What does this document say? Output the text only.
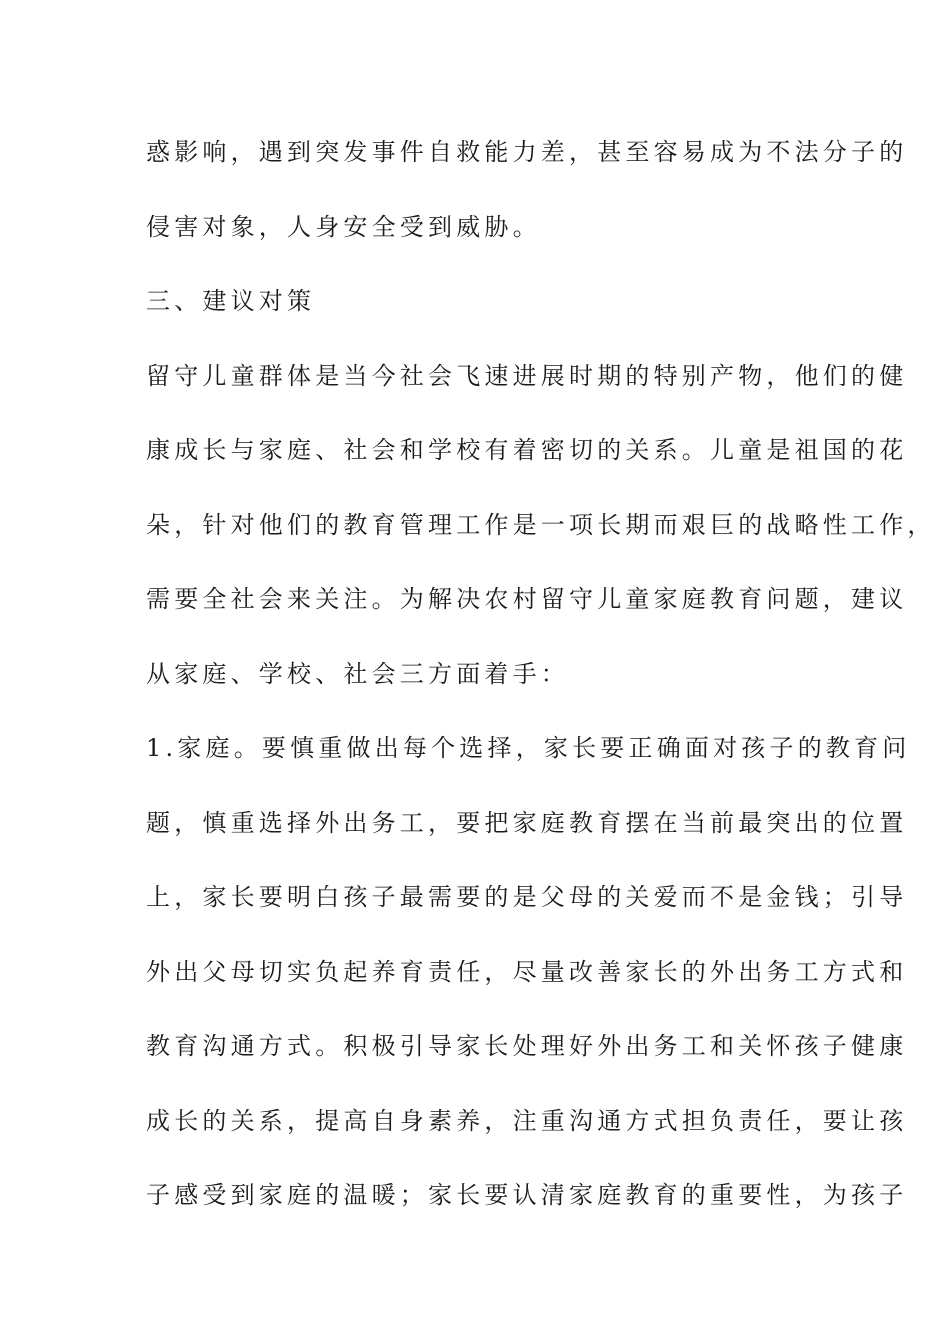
惑影响，遇到突发事件自救能力差，甚至容易成为不法分子的
侵害对象，人身安全受到威胁。
三、建议对策
留守儿童群体是当今社会飞速进展时期的特别产物，他们的健
康成长与家庭、社会和学校有着密切的关系。儿童是祖国的花
朵，针对他们的教育管理工作是一项长期而艰巨的战略性工作，
需要全社会来关注。为解决农村留守儿童家庭教育问题，建议
从家庭、学校、社会三方面着手：
1.家庭。要慎重做出每个选择，家长要正确面对孩子的教育问
题，慎重选择外出务工，要把家庭教育摆在当前最突出的位置
上，家长要明白孩子最需要的是父母的关爱而不是金钱；引导
外出父母切实负起养育责任，尽量改善家长的外出务工方式和
教育沟通方式。积极引导家长处理好外出务工和关怀孩子健康
成长的关系，提高自身素养，注重沟通方式担负责任，要让孩
子感受到家庭的温暖；家长要认清家庭教育的重要性，为孩子
